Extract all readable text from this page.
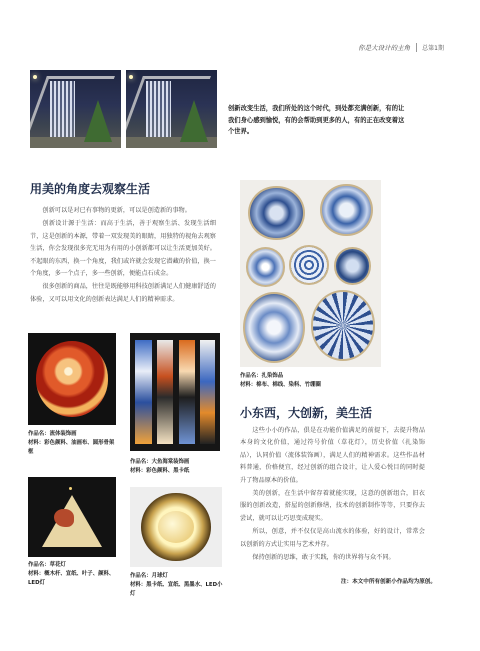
你是大设计的主角	总第1期
创新改变生活，我们所处的这个时代，到处都充满创新，有的让我们身心感到愉悦，有的会帮助到更多的人，有的正在改变着这个世界。
用美的角度去观察生活

创新可以是对已有事物的更新，可以是创造新的事物。

创新设计源于生活：而高于生活，善于观察生活、发现生活细节，这是创新的本源，带着一双发现美的眼睛，用独特的视角去观察生活，你会发现很多充无用为有用的小创新都可以让生活更加美好。不起眼的东西，换一个角度，我们或许就会发现它潜藏的价值，换一个角度，多一个点子，多一些创新，便能点石成金。

很多创新的商品，往往是既能够用科技创新满足人们健康舒适的体验，又可以用文化的创新表达满足人们的精神需求。

作品名：流体装饰画
材料：彩色颜料、油画布、圆形骨架框
作品名：大鱼海棠装饰画
材料：彩色颜料、黑卡纸
作品名：草花灯
材料：概木杆、宣纸、叶子、颜料、LED灯
作品名：月球灯
材料：黑卡纸、宣纸、黑墨水、LED小灯
作品名：扎染饰品
材料：棉布、棉线、染料、竹绷圈
小东西，大创新，美生活

这些小小的作品，俱是在功能价值满足的前提下，去提升物品本身的文化价值，通过符号价值（草花灯），历史价值（扎染饰品），认同价值（流体装饰画），满足人们的精神需求。这些作品材料普通，价格便宜，经过创新的组合设计，让人爱心悦目的同时提升了物品原本的价值。

美的创新，在生活中留存着就能实现，这意的创新组合，旧衣服的创新改造，搭屋的创新修缮，技术的创新制作等等，只要你去尝试，就可以让巧思变成现实。

所以，创意，并不仅仅是高山流水的体验，好的设计，常常会以创新的方式让实用与艺术并存。

保持创新的思维，敢于实践，你的世界将与众不同。

注：本文中所有创新小作品均为原创。
